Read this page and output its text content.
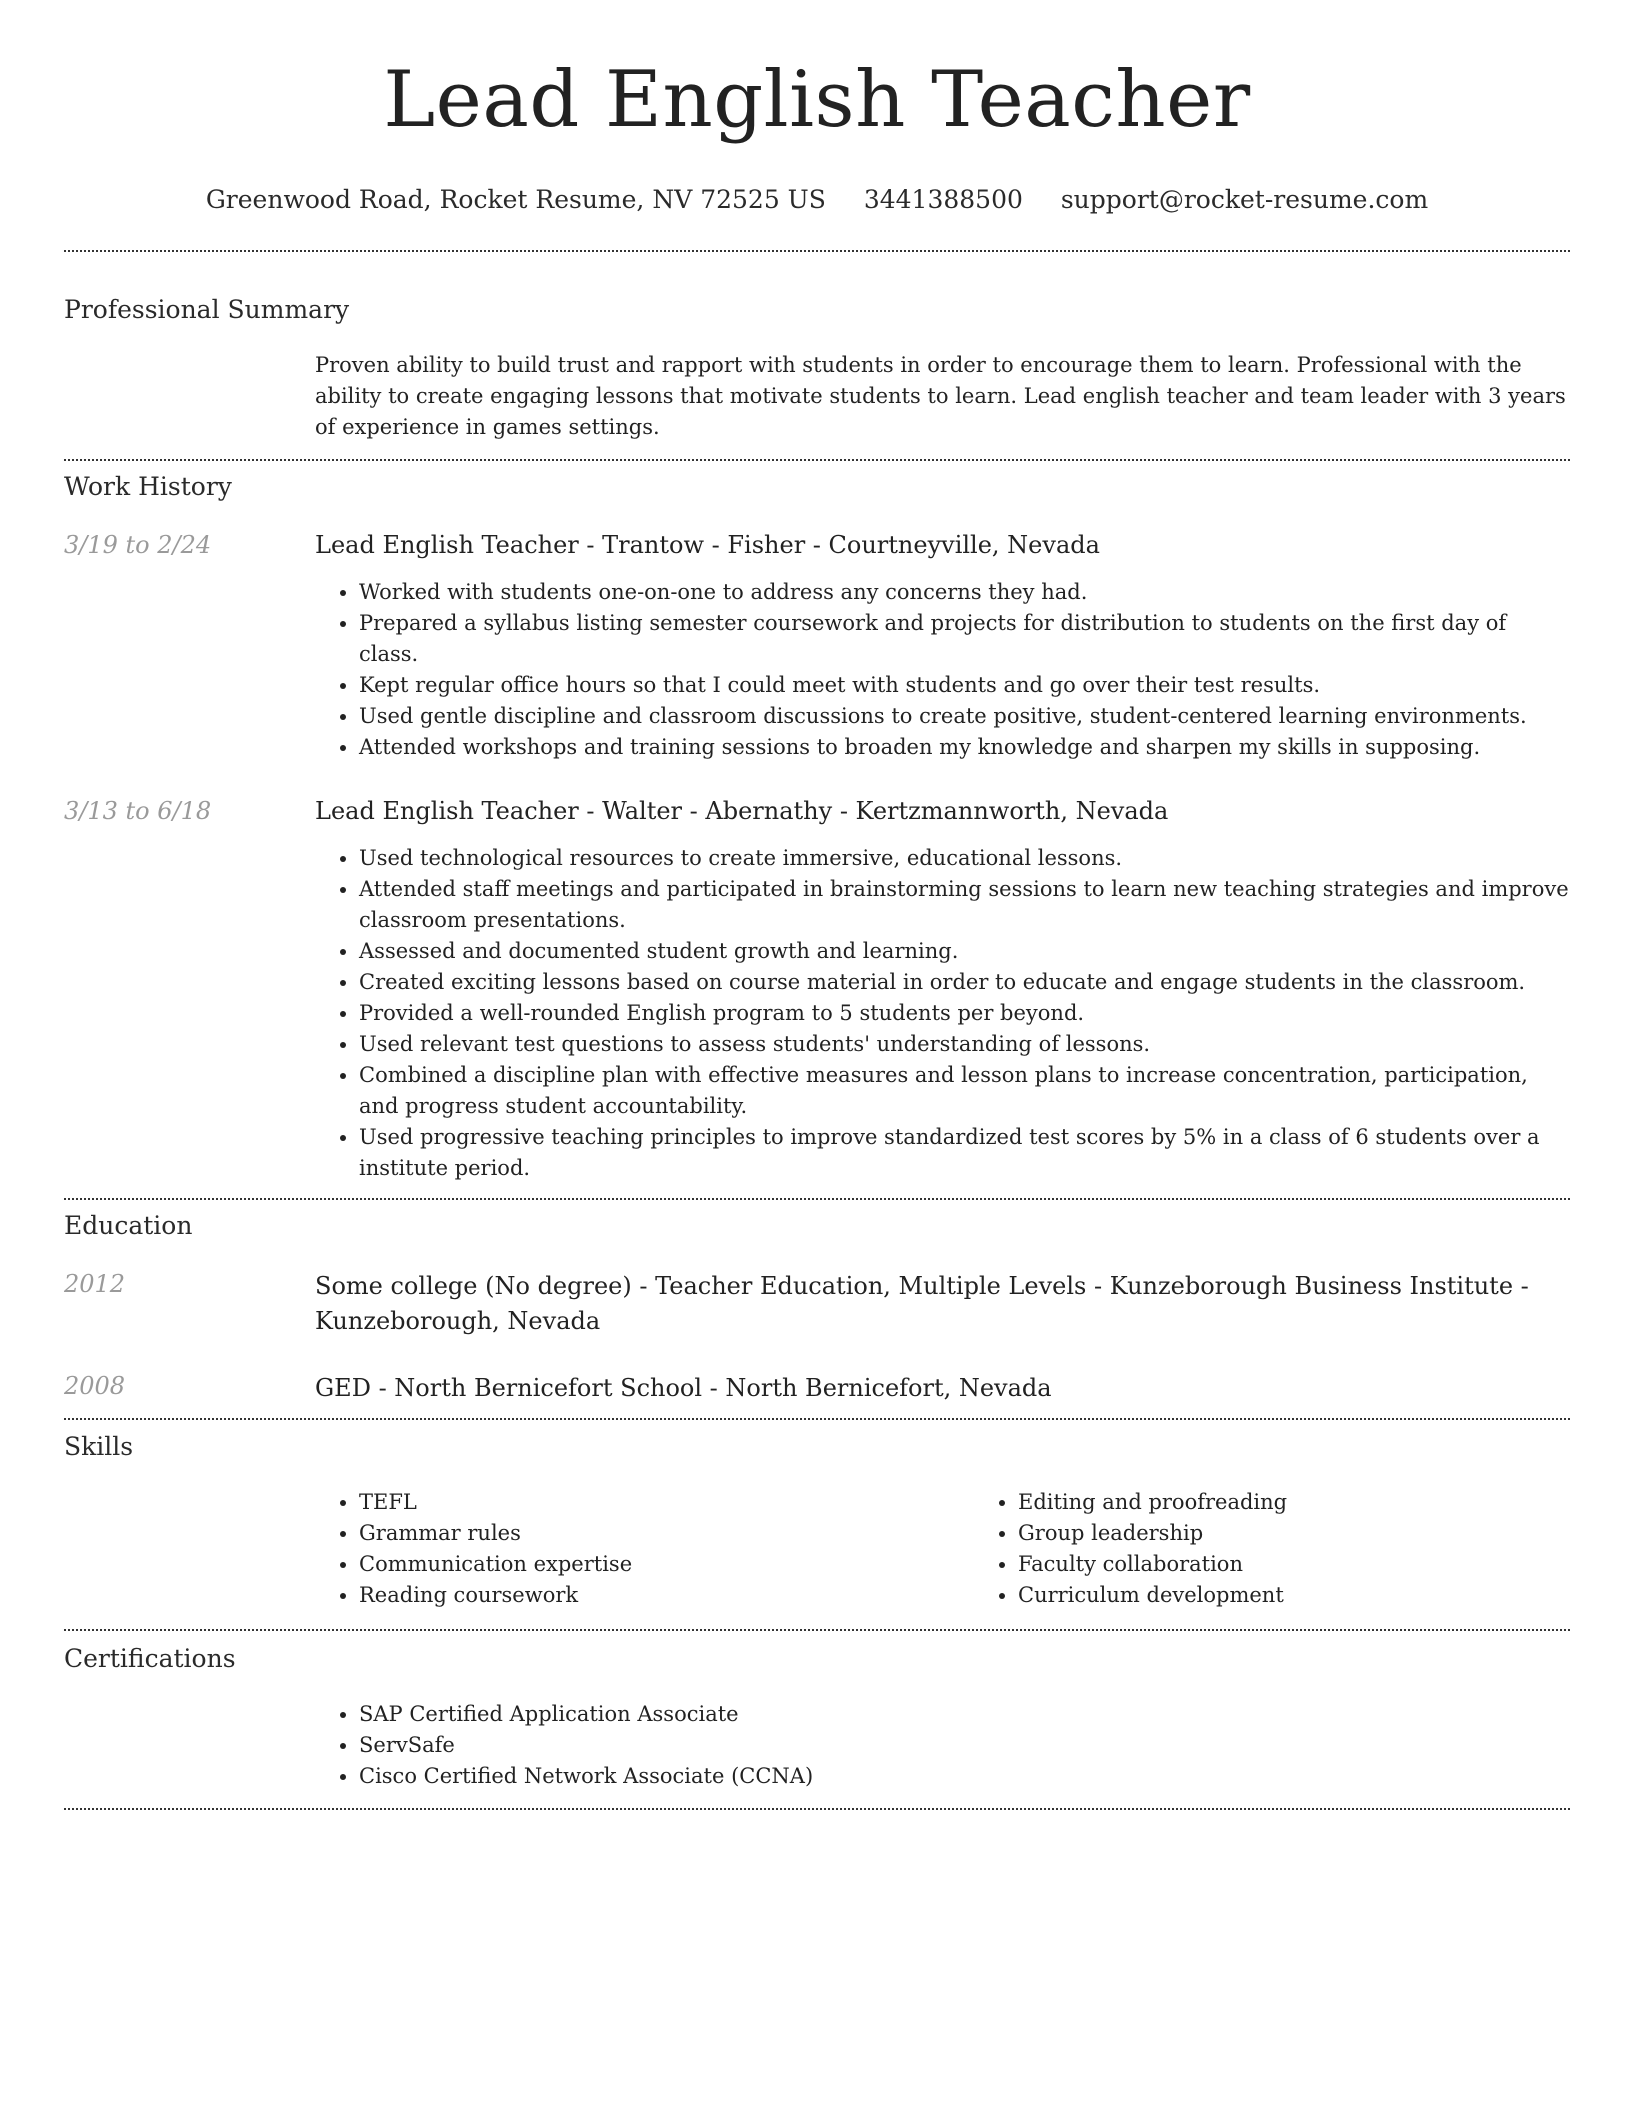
Lead English Teacher
Greenwood Road, Rocket Resume, NV 72525 US 3441388500 support@rocket-resume.com
Professional Summary
Proven ability to build trust and rapport with students in order to encourage them to learn. Professional with the ability to create engaging lessons that motivate students to learn. Lead english teacher and team leader with 3 years of experience in games settings.
Work History
3/19 to 2/24	Lead English Teacher - Trantow - Fisher - Courtneyville, Nevada
• Worked with students one-on-one to address any concerns they had.
• Prepared a syllabus listing semester coursework and projects for distribution to students on the first day of class.
• Kept regular office hours so that I could meet with students and go over their test results.
• Used gentle discipline and classroom discussions to create positive, student-centered learning environments.
• Attended workshops and training sessions to broaden my knowledge and sharpen my skills in supposing.
3/13 to 6/18	Lead English Teacher - Walter - Abernathy - Kertzmannworth, Nevada
• Used technological resources to create immersive, educational lessons.
• Attended staff meetings and participated in brainstorming sessions to learn new teaching strategies and improve classroom presentations.
• Assessed and documented student growth and learning.
• Created exciting lessons based on course material in order to educate and engage students in the classroom.
• Provided a well-rounded English program to 5 students per beyond.
• Used relevant test questions to assess students' understanding of lessons.
• Combined a discipline plan with effective measures and lesson plans to increase concentration, participation, and progress student accountability.
• Used progressive teaching principles to improve standardized test scores by 5% in a class of 6 students over a institute period.
Education
2012	Some college (No degree) - Teacher Education, Multiple Levels - Kunzeborough Business Institute - Kunzeborough, Nevada
2008	GED - North Bernicefort School - North Bernicefort, Nevada
Skills
• TEFL
• Grammar rules
• Communication expertise
• Reading coursework
• Editing and proofreading
• Group leadership
• Faculty collaboration
• Curriculum development
Certifications
• SAP Certified Application Associate
• ServSafe
• Cisco Certified Network Associate (CCNA)
